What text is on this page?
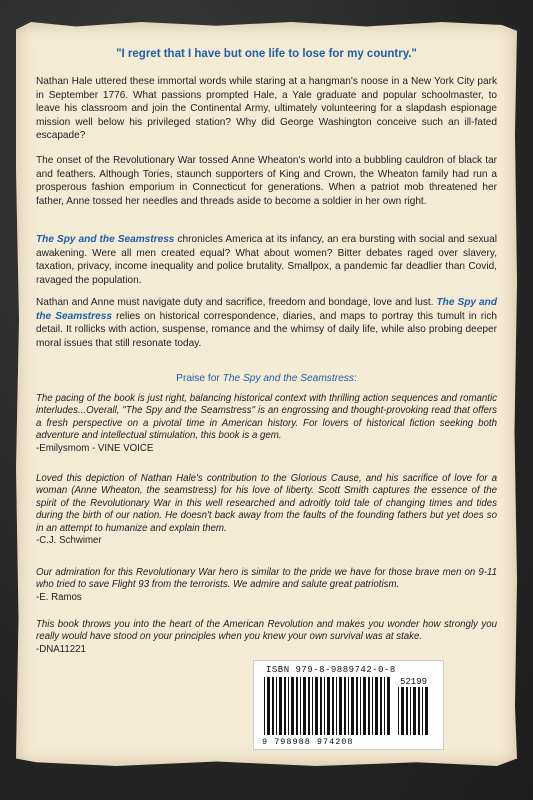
"I regret that I have but one life to lose for my country."
Nathan Hale uttered these immortal words while staring at a hangman's noose in a New York City park in September 1776. What passions prompted Hale, a Yale graduate and popular schoolmaster, to leave his classroom and join the Continental Army, ultimately volunteering for a slapdash espionage mission well below his privileged station? Why did George Washington conceive such an ill-fated escapade?
The onset of the Revolutionary War tossed Anne Wheaton's world into a bubbling cauldron of black tar and feathers. Although Tories, staunch supporters of King and Crown, the Wheaton family had run a prosperous fashion emporium in Connecticut for generations. When a patriot mob threatened her father, Anne tossed her needles and threads aside to become a soldier in her own right.
The Spy and the Seamstress chronicles America at its infancy, an era bursting with social and sexual awakening. Were all men created equal? What about women? Bitter debates raged over slavery, taxation, privacy, income inequality and police brutality. Smallpox, a pandemic far deadlier than Covid, ravaged the population.
Nathan and Anne must navigate duty and sacrifice, freedom and bondage, love and lust. The Spy and the Seamstress relies on historical correspondence, diaries, and maps to portray this tumult in rich detail. It rollicks with action, suspense, romance and the whimsy of daily life, while also probing deeper moral issues that still resonate today.
Praise for The Spy and the Seamstress:
The pacing of the book is just right, balancing historical context with thrilling action sequences and romantic interludes...Overall, "The Spy and the Seamstress" is an engrossing and thought-provoking read that offers a fresh perspective on a pivotal time in American history. For lovers of historical fiction seeking both adventure and intellectual stimulation, this book is a gem.
-Emilysmom - VINE VOICE
Loved this depiction of Nathan Hale's contribution to the Glorious Cause, and his sacrifice of love for a woman (Anne Wheaton, the seamstress) for his love of liberty. Scott Smith captures the essence of the spirit of the Revolutionary War in this well researched and adroitly told tale of changing times and tides during the birth of our nation. He doesn't back away from the faults of the founding fathers but yet does so in an attempt to humanize and explain them.
-C.J. Schwimer
Our admiration for this Revolutionary War hero is similar to the pride we have for those brave men on 9-11 who tried to save Flight 93 from the terrorists. We admire and salute great patriotism.
-E. Ramos
This book throws you into the heart of the American Revolution and makes you wonder how strongly you really would have stood on your principles when you knew your own survival was at stake.
-DNA11221
ISBN 979-8-9889742-0-8
52199
9 798988 974208
